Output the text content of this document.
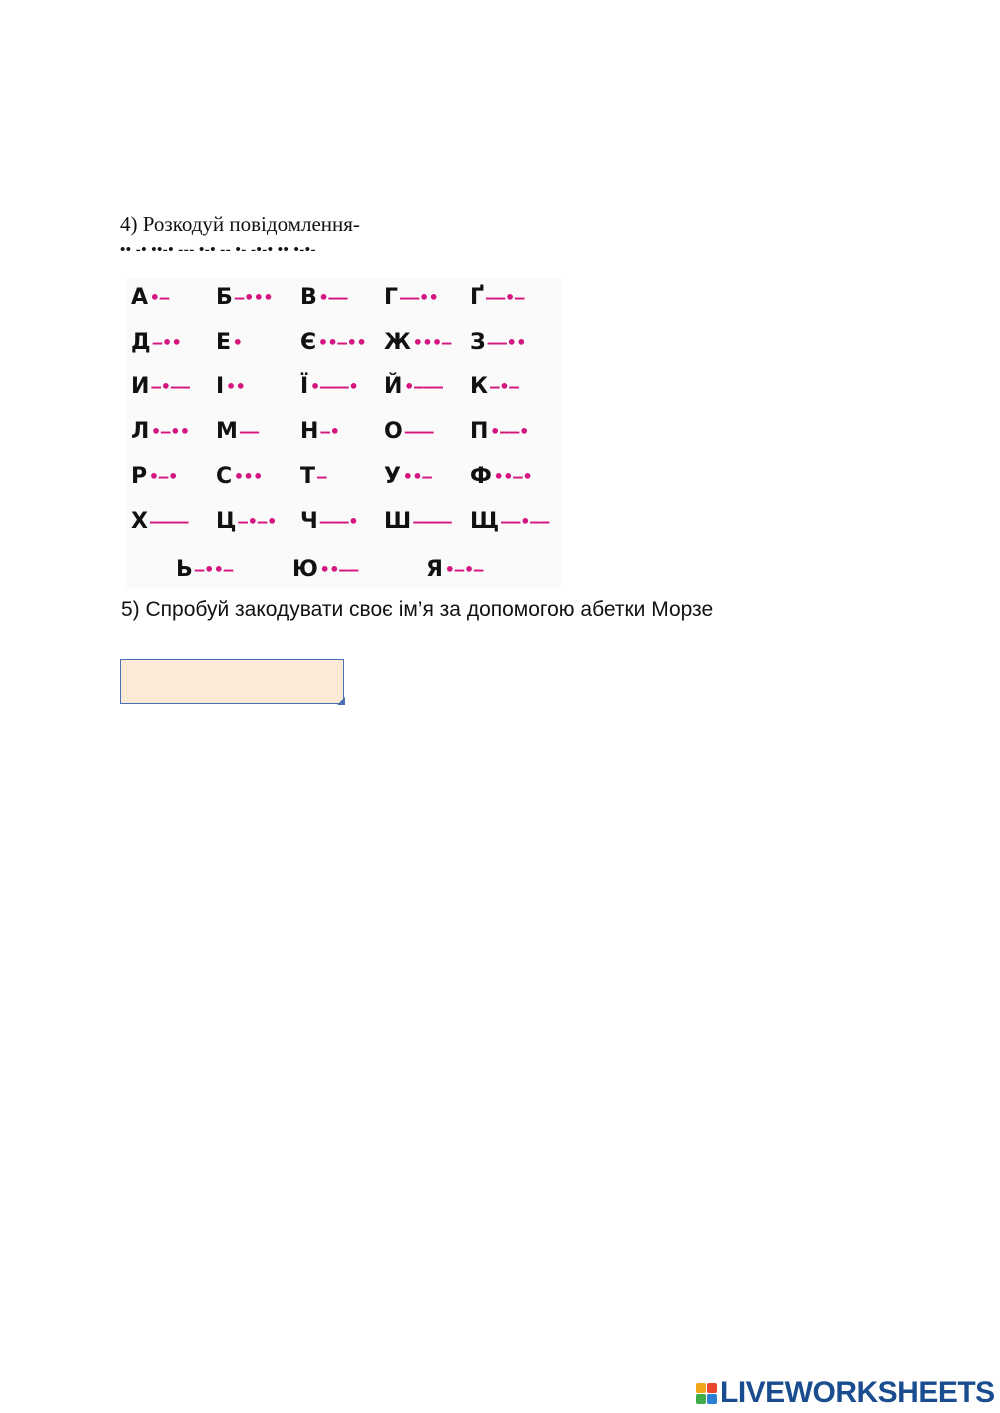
4) Розкодуй повідомлення-
•• -• ••-• --- •-• -- •- -•-• •• •-•-
А •– Б –••• В •–– Г ––•• Ґ ––•–
Д –•• Е •	Є ••–•• Ж •••– З ––••
И –•–– І •• Ї •–––• Й •––– К –•–
Л •–•• М –– Н –• О ––– П •––•
Р •–• С ••• Т –	У ••– Ф ••–•
Х –––– Ц –•–• Ч –––• Ш –––– Щ ––•––
Ь –••–	Ю ••––	Я •–•–
5) Спробуй закодувати своє ім’я за допомогою абетки Морзе
LIVEWORKSHEETS
